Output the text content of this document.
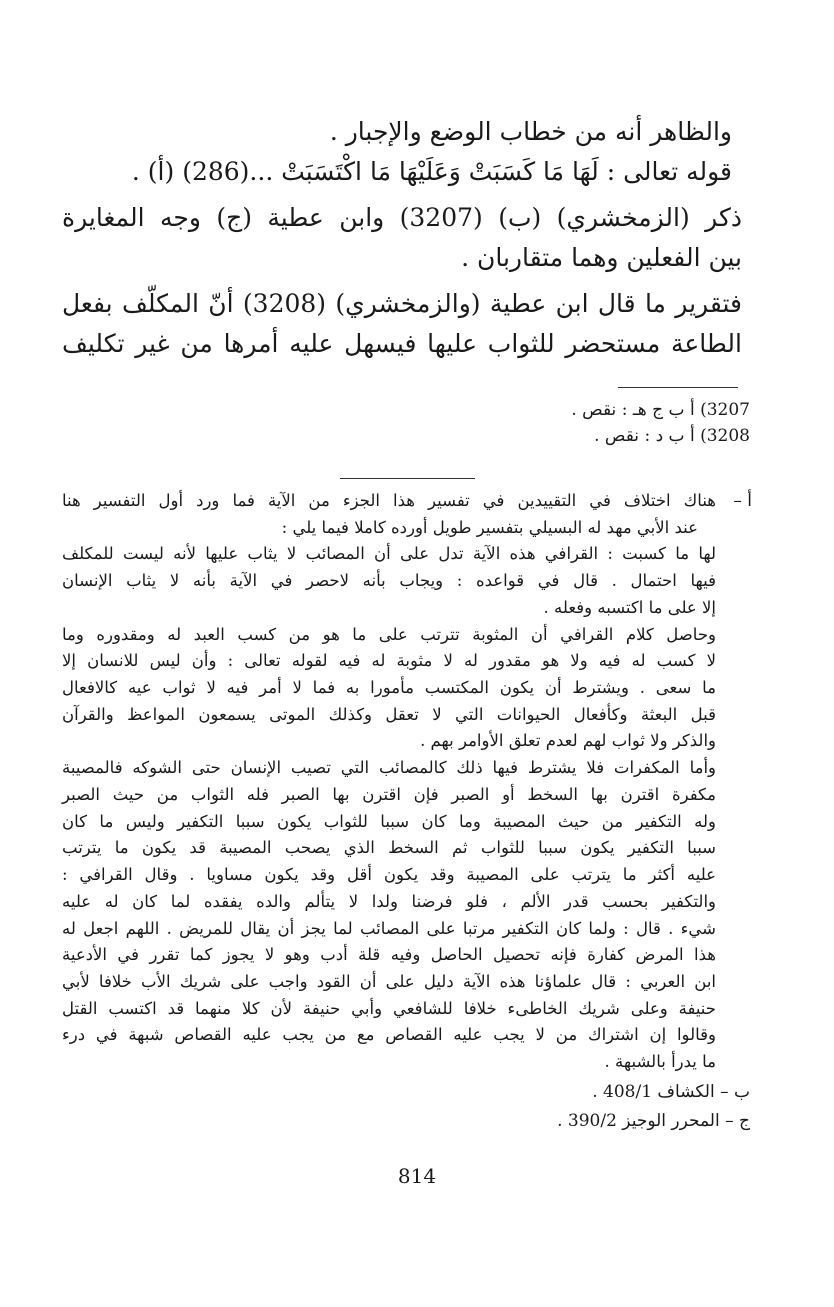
والظاهر أنه من خطاب الوضع والإجبار .

قوله تعالى : لَهَا مَا كَسَبَتْ وَعَلَيْهَا مَا اكْتَسَبَتْ ...(286) (أ) .

ذكر (الزمخشري) (ب) (3207) وابن عطية (ج) وجه المغايرة

بين الفعلين وهما متقاربان .

فتقرير ما قال ابن عطية (والزمخشري) (3208) أنّ المكلّف بفعل

الطاعة مستحضر للثواب عليها فيسهل عليه أمرها من غير تكليف

3207) أ ب ج هـ : نقص .
3208) أ ب د : نقص .
أ –
هناك اختلاف في التقييدين في تفسير هذا الجزء من الآية فما ورد أول التفسير هنا
عند الأبي مهد له البسيلي بتفسير طويل أورده كاملا فيما يلي :
لها ما كسبت : القرافي هذه الآية تدل على أن المصائب لا يثاب عليها لأنه ليست للمكلف
فيها احتمال . قال في قواعده : ويجاب بأنه لاحصر في الآية بأنه لا يثاب الإنسان
إلا على ما اكتسبه وفعله .
وحاصل كلام القرافي أن المثوبة تترتب على ما هو من كسب العبد له ومقدوره وما
لا كسب له فيه ولا هو مقدور له لا مثوبة له فيه لقوله تعالى : وأن ليس للانسان إلا
ما سعى . ويشترط أن يكون المكتسب مأمورا به فما لا أمر فيه لا ثواب عيه كالافعال
قبل البعثة وكأفعال الحيوانات التي لا تعقل وكذلك الموتى يسمعون المواعظ والقرآن
والذكر ولا ثواب لهم لعدم تعلق الأوامر بهم .
وأما المكفرات فلا يشترط فيها ذلك كالمصائب التي تصيب الإنسان حتى الشوكه فالمصيبة
مكفرة اقترن بها السخط أو الصبر فإن اقترن بها الصبر فله الثواب من حيث الصبر
وله التكفير من حيث المصيبة وما كان سببا للثواب يكون سببا التكفير وليس ما كان
سببا التكفير يكون سببا للثواب ثم السخط الذي يصحب المصيبة قد يكون ما يترتب
عليه أكثر ما يترتب على المصيبة وقد يكون أقل وقد يكون مساويا . وقال القرافي :
والتكفير بحسب قدر الألم ، فلو فرضنا ولدا لا يتألم والده يفقده لما كان له عليه
شيء . قال : ولما كان التكفير مرتبا على المصائب لما يجز أن يقال للمريض . اللهم اجعل له
هذا المرض كفارة فإنه تحصيل الحاصل وفيه قلة أدب وهو لا يجوز كما تقرر في الأدعية
ابن العربي : قال علماؤنا هذه الآية دليل على أن القود واجب على شريك الأب خلافا لأبي
حنيفة وعلى شريك الخاطىء خلافا للشافعي وأبي حنيفة لأن كلا منهما قد اكتسب القتل
وقالوا إن اشتراك من لا يجب عليه القصاص مع من يجب عليه القصاص شبهة في درء
ما يدرأ بالشبهة .
ب – الكشاف 408/1 .
ج – المحرر الوجيز 390/2 .
814
